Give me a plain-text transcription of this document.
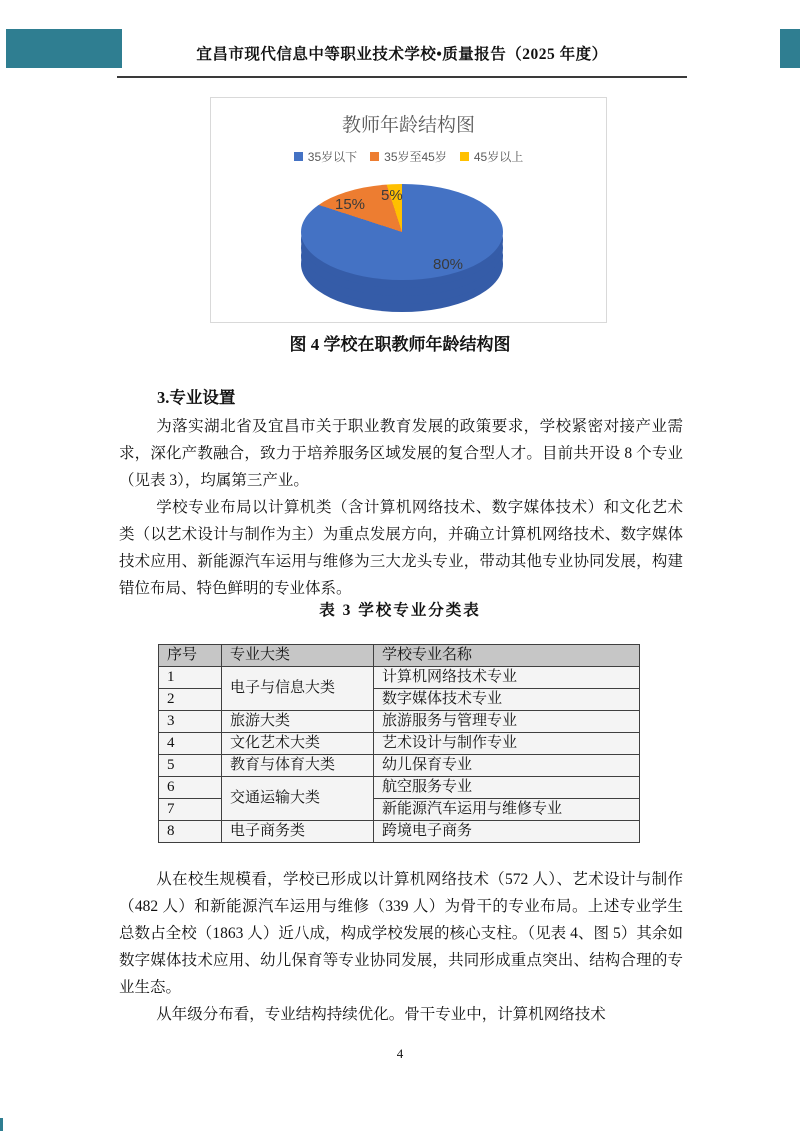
宜昌市现代信息中等职业技术学校•质量报告（2025 年度）
教师年龄结构图
35岁以下 35岁至45岁 45岁以上
80%
15%
5%
图 4 学校在职教师年龄结构图
3.专业设置

为落实湖北省及宜昌市关于职业教育发展的政策要求，学校紧密对接产业需求，深化产教融合，致力于培养服务区域发展的复合型人才。目前共开设 8 个专业（见表 3），均属第三产业。

学校专业布局以计算机类（含计算机网络技术、数字媒体技术）和文化艺术类（以艺术设计与制作为主）为重点发展方向，并确立计算机网络技术、数字媒体技术应用、新能源汽车运用与维修为三大龙头专业，带动其他专业协同发展，构建错位布局、特色鲜明的专业体系。

表 3 学校专业分类表
序号	专业大类	学校专业名称
1	电子与信息大类	计算机网络技术专业
2		数字媒体技术专业
3	旅游大类	旅游服务与管理专业
4	文化艺术大类	艺术设计与制作专业
5	教育与体育大类	幼儿保育专业
6	交通运输大类	航空服务专业
7		新能源汽车运用与维修专业
8	电子商务类	跨境电子商务

从在校生规模看，学校已形成以计算机网络技术（572 人）、艺术设计与制作（482 人）和新能源汽车运用与维修（339 人）为骨干的专业布局。上述专业学生总数占全校（1863 人）近八成，构成学校发展的核心支柱。（见表 4、图 5）其余如数字媒体技术应用、幼儿保育等专业协同发展，共同形成重点突出、结构合理的专业生态。

从年级分布看，专业结构持续优化。骨干专业中，计算机网络技术

4
